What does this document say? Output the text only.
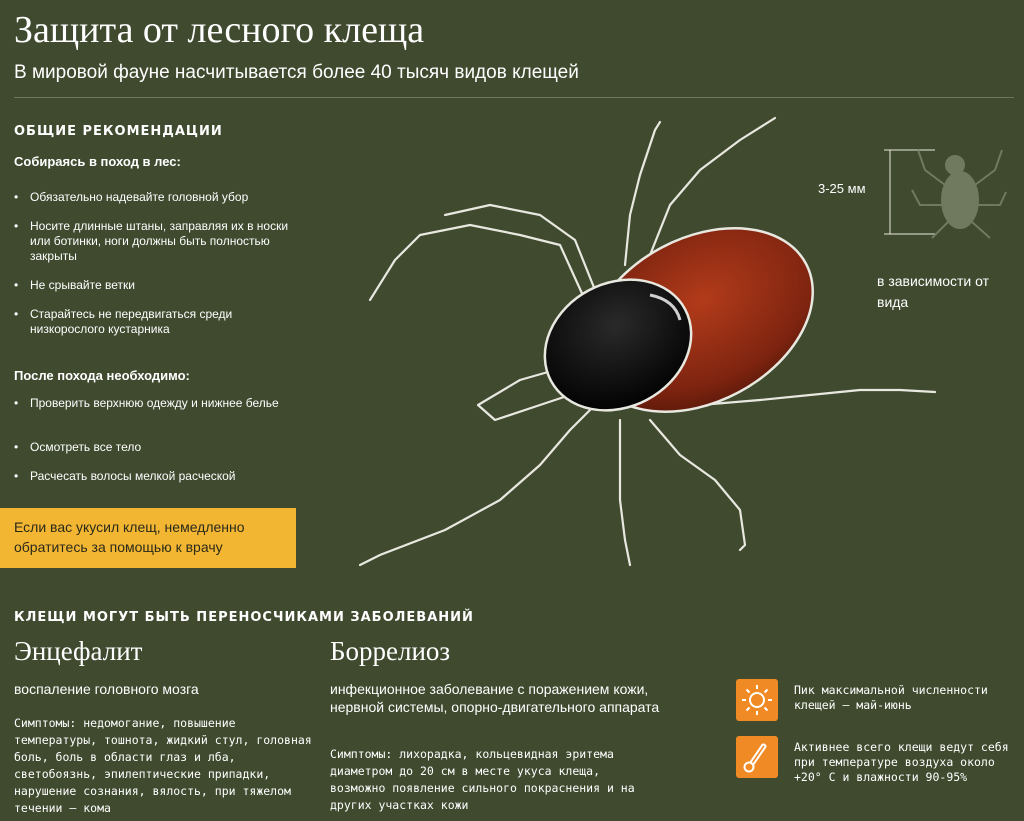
Защита от лесного клеща
В мировой фауне насчитывается более 40 тысяч видов клещей
ОБЩИЕ РЕКОМЕНДАЦИИ
Собираясь в поход в лес:
• Обязательно надевайте головной убор
• Носите длинные штаны, заправляя их в носки или ботинки, ноги должны быть полностью закрыты
• Не срывайте ветки
• Старайтесь не передвигаться среди низкорослого кустарника
После похода необходимо:
• Проверить верхнюю одежду и нижнее белье
• Осмотреть все тело
• Расчесать волосы мелкой расческой
Если вас укусил клещ, немедленно обратитесь за помощью к врачу
3-25 мм
в зависимости от вида
КЛЕЩИ МОГУТ БЫТЬ ПЕРЕНОСЧИКАМИ ЗАБОЛЕВАНИЙ
Энцефалит
воспаление головного мозга
Симптомы: недомогание, повышение температуры, тошнота, жидкий стул, головная боль, боль в области глаз и лба, светобоязнь, эпилептические припадки, нарушение сознания, вялость, при тяжелом течении – кома
Боррелиоз
инфекционное заболевание с поражением кожи, нервной системы, опорно-двигательного аппарата
Симптомы: лихорадка, кольцевидная эритема диаметром до 20 см в месте укуса клеща, возможно появление сильного покраснения и на других участках кожи
Пик максимальной численности клещей – май-июнь
Активнее всего клещи ведут себя при температуре воздуха около +20° С и влажности 90-95%
